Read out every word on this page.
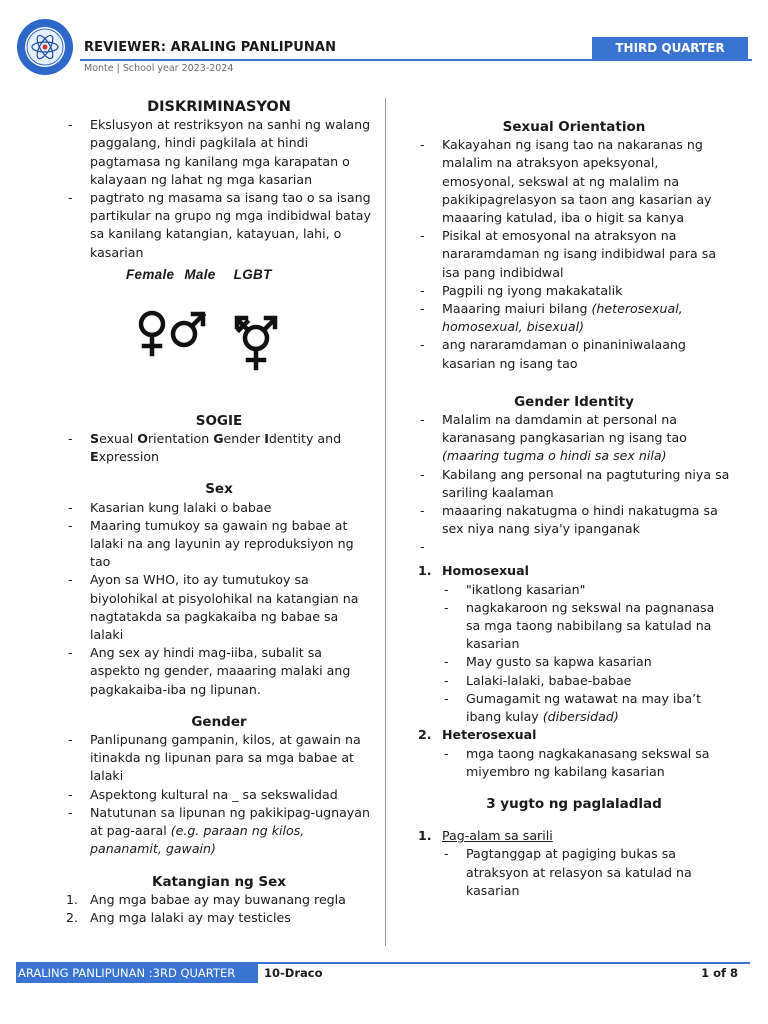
REVIEWER: ARALING PANLIPUNAN
Monte | School year 2023-2024
THIRD QUARTER

DISKRIMINASYON

- Ekslusyon at restriksyon na sanhi ng walang paggalang, hindi pagkilala at hindi pagtamasa ng kanilang mga karapatan o kalayaan ng lahat ng mga kasarian
- pagtrato ng masama sa isang tao o sa isang partikular na grupo ng mga indibidwal batay sa kanilang katangian, katayuan, lahi, o kasarian
Female Male LGBT

SOGIE

- Sexual Orientation Gender Identity and Expression

Sex

- Kasarian kung lalaki o babae
- Maaring tumukoy sa gawain ng babae at lalaki na ang layunin ay reproduksiyon ng tao
- Ayon sa WHO, ito ay tumutukoy sa biyolohikal at pisyolohikal na katangian na nagtatakda sa pagkakaiba ng babae sa lalaki
- Ang sex ay hindi mag-iiba, subalit sa aspekto ng gender, maaaring malaki ang pagkakaiba-iba ng lipunan.

Gender

- Panlipunang gampanin, kilos, at gawain na itinakda ng lipunan para sa mga babae at lalaki
- Aspektong kultural na _ sa sekswalidad
- Natutunan sa lipunan ng pakikipag-ugnayan at pag-aaral (e.g. paraan ng kilos, pananamit, gawain)

Katangian ng Sex

1. Ang mga babae ay may buwanang regla
2. Ang mga lalaki ay may testicles

Sexual Orientation

- Kakayahan ng isang tao na nakaranas ng malalim na atraksyon apeksyonal, emosyonal, sekswal at ng malalim na pakikipagrelasyon sa taon ang kasarian ay maaaring katulad, iba o higit sa kanya
- Pisikal at emosyonal na atraksyon na nararamdaman ng isang indibidwal para sa isa pang indibidwal
- Pagpili ng iyong makakatalik
- Maaaring maiuri bilang (heterosexual, homosexual, bisexual)
- ang nararamdaman o pinaniniwalaang kasarian ng isang tao

Gender Identity

- Malalim na damdamin at personal na karanasang pangkasarian ng isang tao (maaring tugma o hindi sa sex nila)
- Kabilang ang personal na pagtuturing niya sa sariling kaalaman
- maaaring nakatugma o hindi nakatugma sa sex niya nang siya'y ipanganak
-
1. Homosexual
- "ikatlong kasarian"
- nagkakaroon ng sekswal na pagnanasa sa mga taong nabibilang sa katulad na kasarian
- May gusto sa kapwa kasarian
- Lalaki-lalaki, babae-babae
- Gumagamit ng watawat na may iba’t ibang kulay (dibersidad)
2. Heterosexual
- mga taong nagkakanasang sekswal sa miyembro ng kabilang kasarian

3 yugto ng paglaladlad

1. Pag-alam sa sarili
- Pagtanggap at pagiging bukas sa atraksyon at relasyon sa katulad na kasarian
ARALING PANLIPUNAN :3RD QUARTER	10-Draco	1 of 8
